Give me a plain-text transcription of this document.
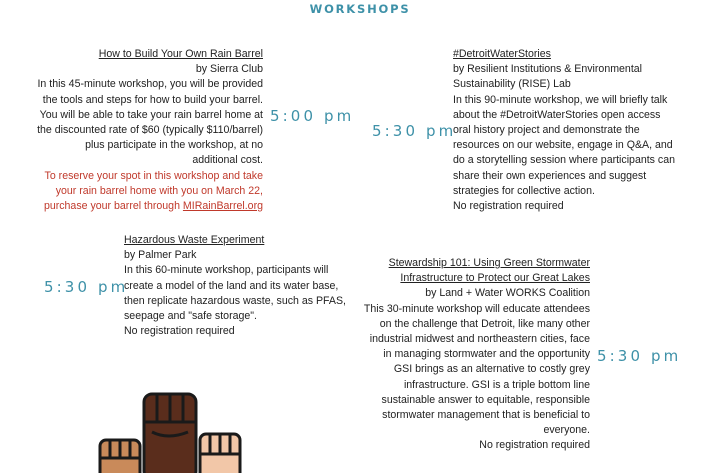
WORKSHOPS
How to Build Your Own Rain Barrel
by Sierra Club
In this 45-minute workshop, you will be provided
the tools and steps for how to build your barrel.
You will be able to take your rain barrel home at
the discounted rate of $60 (typically $110/barrel)
plus participate in the workshop, at no
additional cost.
To reserve your spot in this workshop and take
your rain barrel home with you on March 22,
purchase your barrel through MIRainBarrel.org
5:00 pm
5:30 pm
#DetroitWaterStories
by Resilient Institutions & Environmental
Sustainability (RISE) Lab
In this 90-minute workshop, we will briefly talk
about the #DetroitWaterStories open access
oral history project and demonstrate the
resources on our website, engage in Q&A, and
do a storytelling session where participants can
share their own experiences and suggest
strategies for collective action.
No registration required
5:30 pm
Hazardous Waste Experiment
by Palmer Park
In this 60-minute workshop, participants will
create a model of the land and its water base,
then replicate hazardous waste, such as PFAS,
seepage and "safe storage".
No registration required
Stewardship 101: Using Green Stormwater
Infrastructure to Protect our Great Lakes
by Land + Water WORKS Coalition
This 30-minute workshop will educate attendees
on the challenge that Detroit, like many other
industrial midwest and northeastern cities, face
in managing stormwater and the opportunity
GSI brings as an alternative to costly grey
infrastructure. GSI is a triple bottom line
sustainable answer to equitable, responsible
stormwater management that is beneficial to
everyone.
No registration required
5:30 pm
